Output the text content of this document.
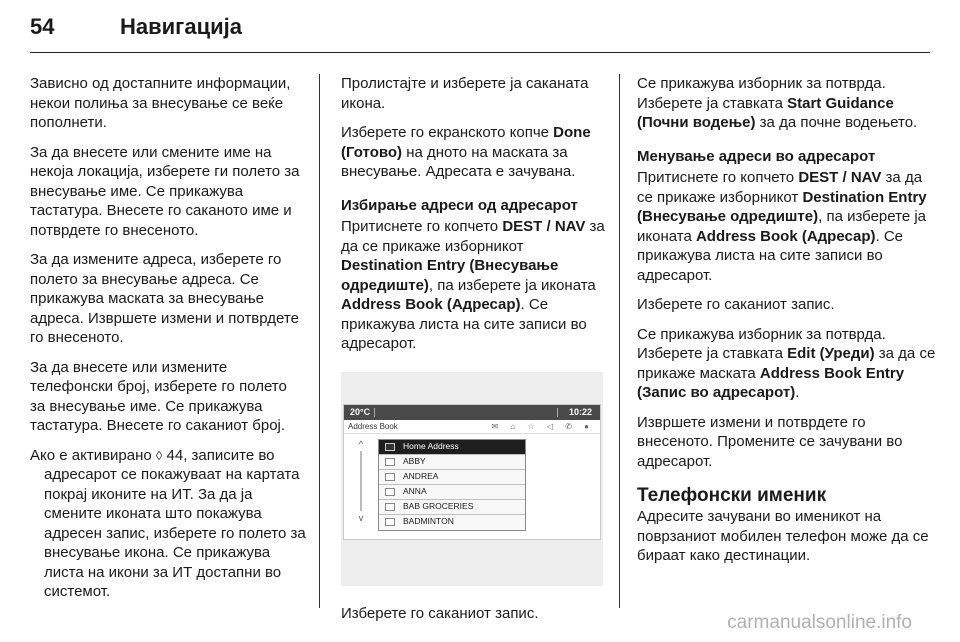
54	Навигација

Зависно од достапните информации, некои полиња за внесување се веќе пополнети.

За да внесете или смените име на некоја локација, изберете ги полето за внесување име. Се прикажува тастатура. Внесете го саканото име и потврдете го внесеното.

За да измените адреса, изберете го полето за внесување адреса. Се прикажува маската за внесување адреса. Извршете измени и потврдете го внесеното.

За да внесете или измените телефонски број, изберете го полето за внесување име. Се прикажува тастатура. Внесете го саканиот број.

Ако е активирано ◊ 44, записите во адресарот се покажуваат на картата покрај иконите на ИТ. За да ја смените иконата што покажува адресен запис, изберете го полето за внесување икона. Се прикажува листа на икони за ИТ достапни во системот.

Пролистајте и изберете ја саканата икона.

Изберете го екранското копче Done (Готово) на дното на маската за внесување. Адресата е зачувана.

Избирање адреси од адресарот

Притиснете го копчето DEST / NAV за да се прикаже изборникот Destination Entry (Внесување одредиште), па изберете ја иконата Address Book (Адресар). Се прикажува листа на сите записи во адресарот.

20°C	10:22
Address Book	✉ ⌂ ☆ ◁ ✆ ●
^
v
Home Address
ABBY
ANDREA
ANNA
BAB GROCERIES
BADMINTON

Изберете го саканиот запис.

Се прикажува изборник за потврда. Изберете ја ставката Start Guidance (Почни водење) за да почне водењето.

Менување адреси во адресарот

Притиснете го копчето DEST / NAV за да се прикаже изборникот Destination Entry (Внесување одредиште), па изберете ја иконата Address Book (Адресар). Се прикажува листа на сите записи во адресарот.

Изберете го саканиот запис.

Се прикажува изборник за потврда. Изберете ја ставката Edit (Уреди) за да се прикаже маската Address Book Entry (Запис во адресарот).

Извршете измени и потврдете го внесеното. Промените се зачувани во адресарот.

Телефонски именик

Адресите зачувани во именикот на поврзаниот мобилен телефон може да се бираат како дестинации.

carmanualsonline.info
